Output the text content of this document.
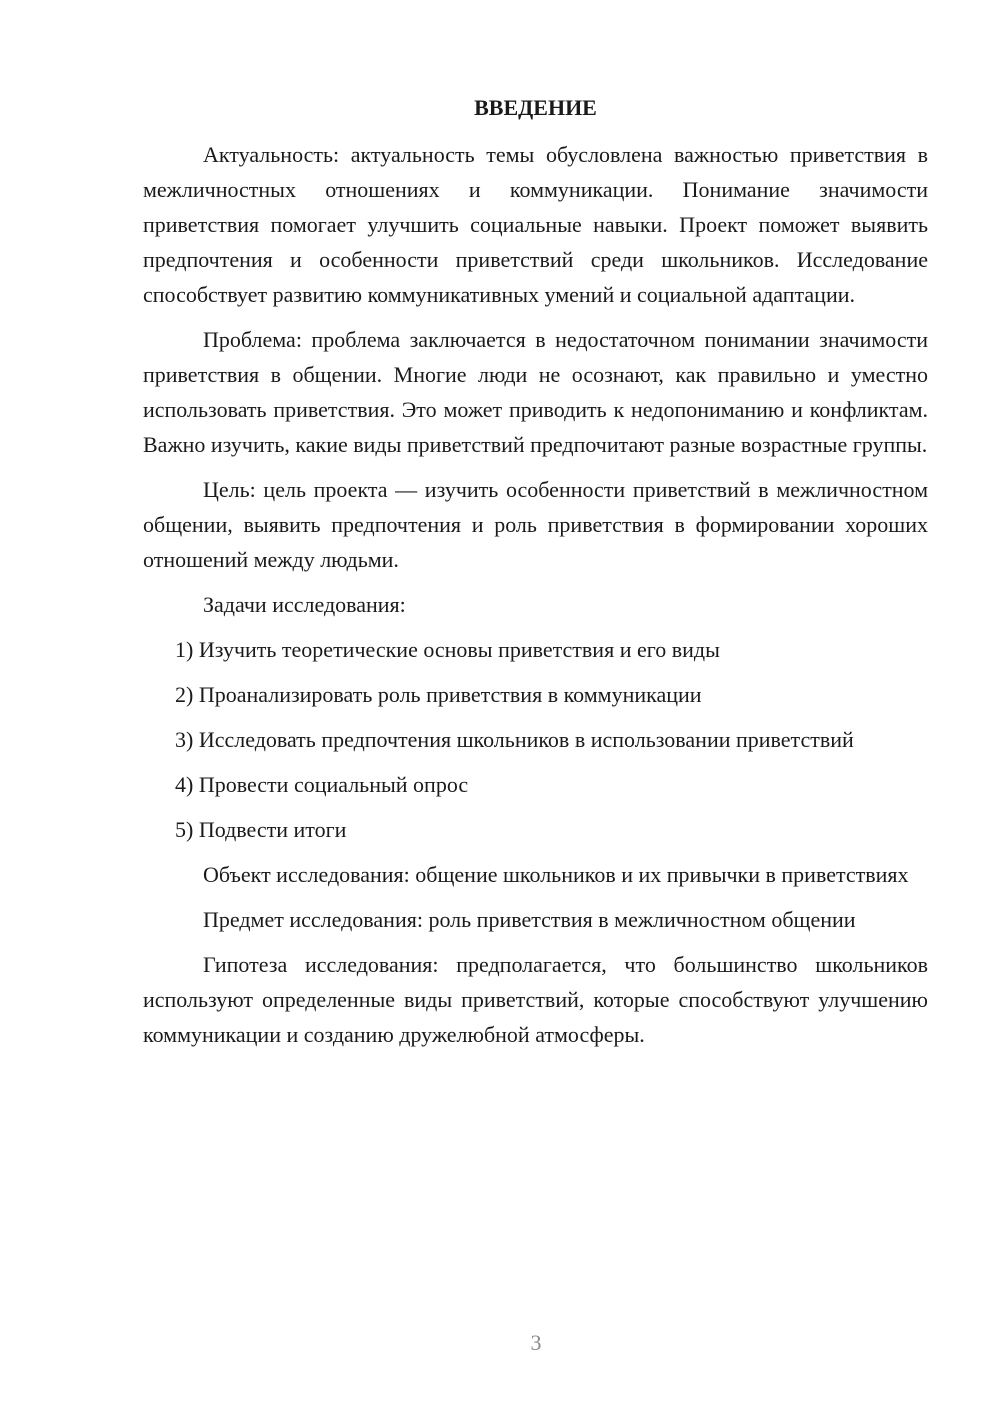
ВВЕДЕНИЕ

Актуальность: актуальность темы обусловлена важностью приветствия в межличностных отношениях и коммуникации. Понимание значимости приветствия помогает улучшить социальные навыки. Проект поможет выявить предпочтения и особенности приветствий среди школьников. Исследование способствует развитию коммуникативных умений и социальной адаптации.

Проблема: проблема заключается в недостаточном понимании значимости приветствия в общении. Многие люди не осознают, как правильно и уместно использовать приветствия. Это может приводить к недопониманию и конфликтам. Важно изучить, какие виды приветствий предпочитают разные возрастные группы.

Цель: цель проекта — изучить особенности приветствий в межличностном общении, выявить предпочтения и роль приветствия в формировании хороших отношений между людьми.

Задачи исследования:

1) Изучить теоретические основы приветствия и его виды

2) Проанализировать роль приветствия в коммуникации

3) Исследовать предпочтения школьников в использовании приветствий

4) Провести социальный опрос

5) Подвести итоги

Объект исследования: общение школьников и их привычки в приветствиях

Предмет исследования: роль приветствия в межличностном общении

Гипотеза исследования: предполагается, что большинство школьников используют определенные виды приветствий, которые способствуют улучшению коммуникации и созданию дружелюбной атмосферы.

3
